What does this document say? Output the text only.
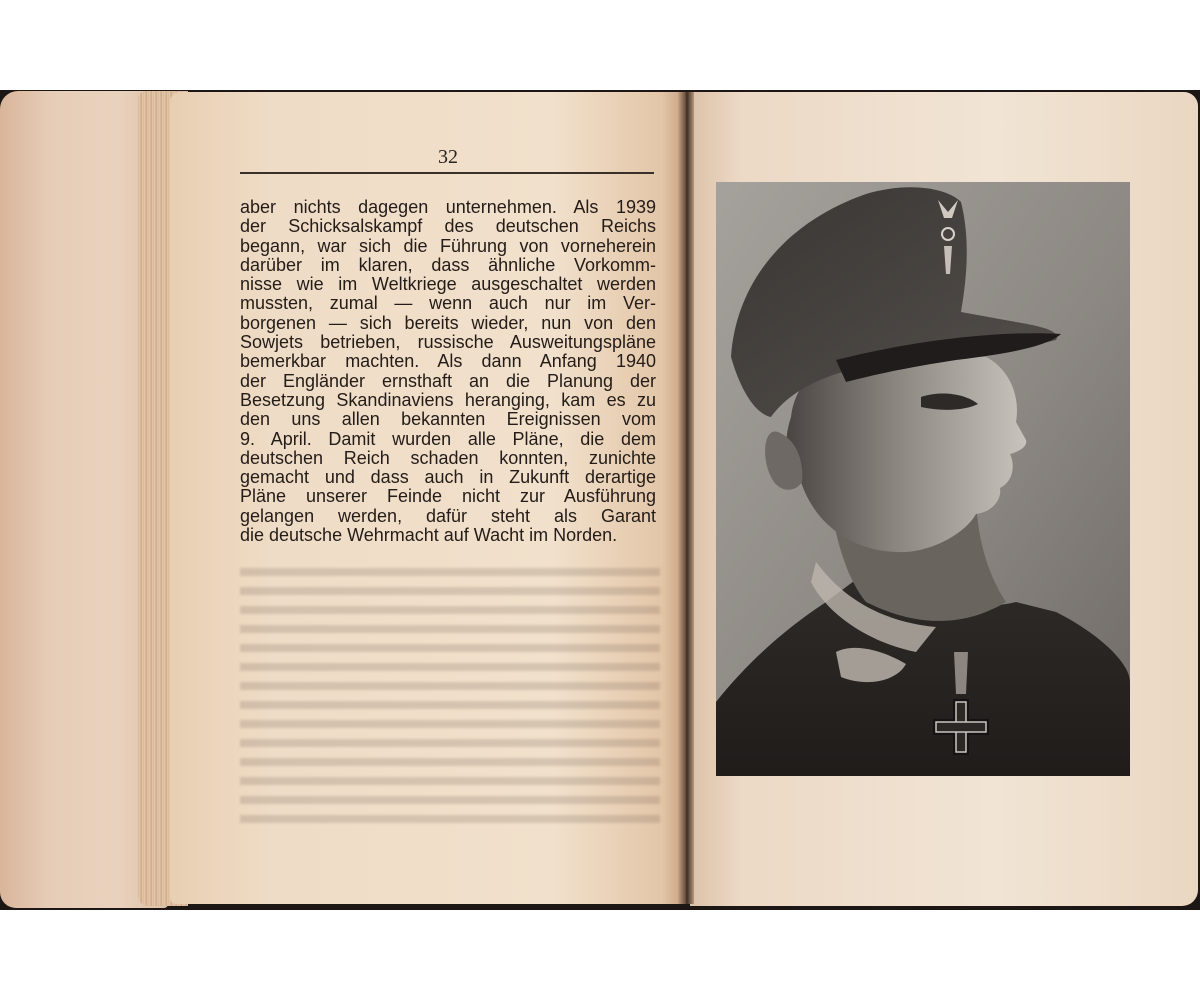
32

aber nichts dagegen unternehmen. Als 1939
der Schicksalskampf des deutschen Reichs
begann, war sich die Führung von vorneherein
darüber im klaren, dass ähnliche Vorkomm-
nisse wie im Weltkriege ausgeschaltet werden
mussten, zumal — wenn auch nur im Ver-
borgenen — sich bereits wieder, nun von den
Sowjets betrieben, russische Ausweitungspläne
bemerkbar machten. Als dann Anfang 1940
der Engländer ernsthaft an die Planung der
Besetzung Skandinaviens heranging, kam es zu
den uns allen bekannten Ereignissen vom
9. April. Damit wurden alle Pläne, die dem
deutschen Reich schaden konnten, zunichte
gemacht und dass auch in Zukunft derartige
Pläne unserer Feinde nicht zur Ausführung
gelangen werden, dafür steht als Garant
die deutsche Wehrmacht auf Wacht im Norden.
